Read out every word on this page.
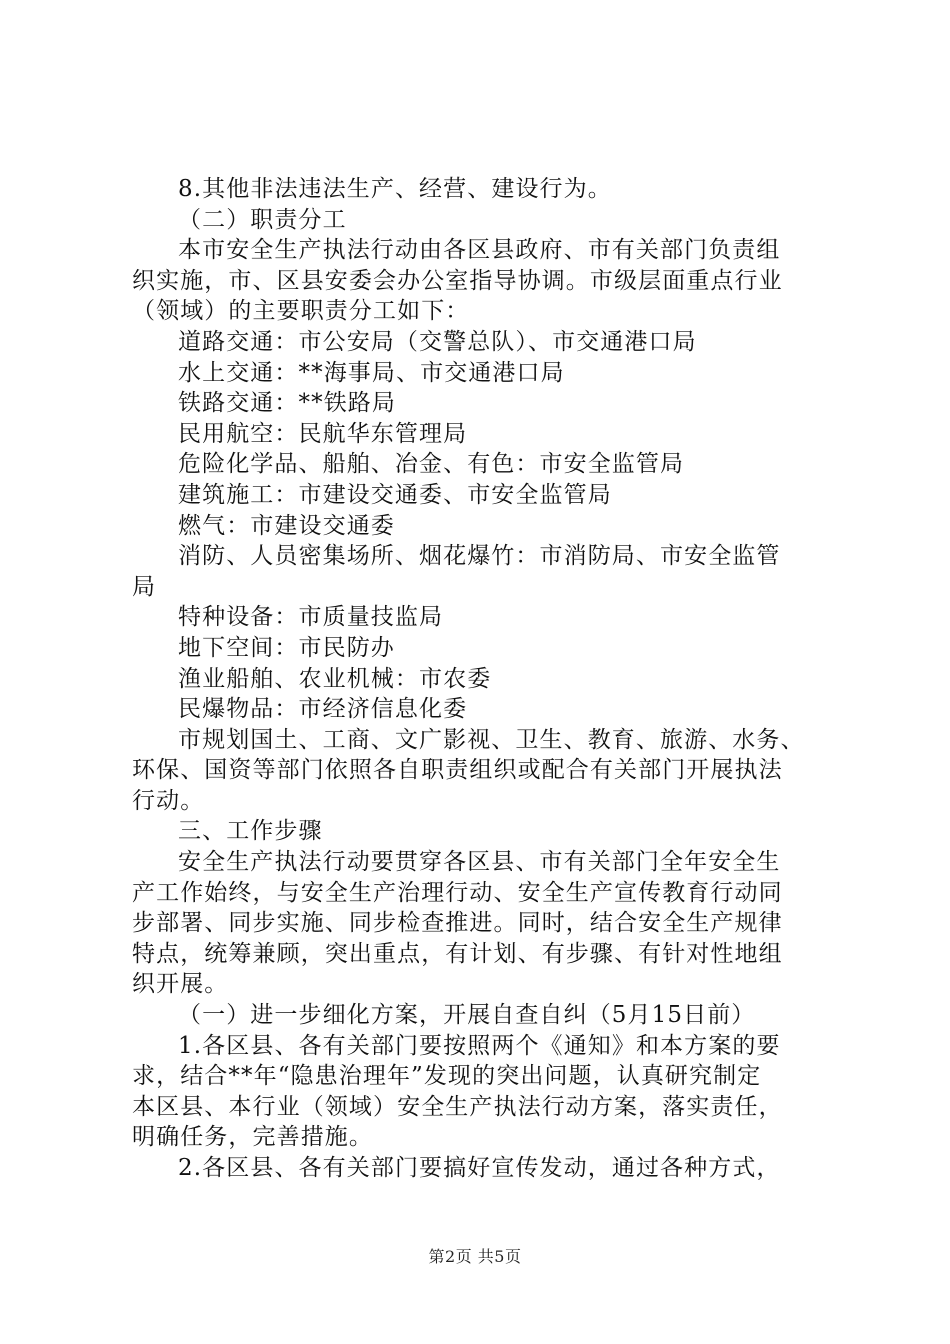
8.其他非法违法生产、经营、建设行为。
（二）职责分工
本市安全生产执法行动由各区县政府、市有关部门负责组
织实施，市、区县安委会办公室指导协调。市级层面重点行业
（领域）的主要职责分工如下：
道路交通：市公安局（交警总队）、市交通港口局
水上交通：**海事局、市交通港口局
铁路交通：**铁路局
民用航空：民航华东管理局
危险化学品、船舶、冶金、有色：市安全监管局
建筑施工：市建设交通委、市安全监管局
燃气：市建设交通委
消防、人员密集场所、烟花爆竹：市消防局、市安全监管
局
特种设备：市质量技监局
地下空间：市民防办
渔业船舶、农业机械：市农委
民爆物品：市经济信息化委
市规划国土、工商、文广影视、卫生、教育、旅游、水务、
环保、国资等部门依照各自职责组织或配合有关部门开展执法
行动。
三、工作步骤
安全生产执法行动要贯穿各区县、市有关部门全年安全生
产工作始终，与安全生产治理行动、安全生产宣传教育行动同
步部署、同步实施、同步检查推进。同时，结合安全生产规律
特点，统筹兼顾，突出重点，有计划、有步骤、有针对性地组
织开展。
（一）进一步细化方案，开展自查自纠（5月15日前）
1.各区县、各有关部门要按照两个《通知》和本方案的要
求，结合**年“隐患治理年”发现的突出问题，认真研究制定
本区县、本行业（领域）安全生产执法行动方案，落实责任，
明确任务，完善措施。
2.各区县、各有关部门要搞好宣传发动，通过各种方式，
第2页 共5页
